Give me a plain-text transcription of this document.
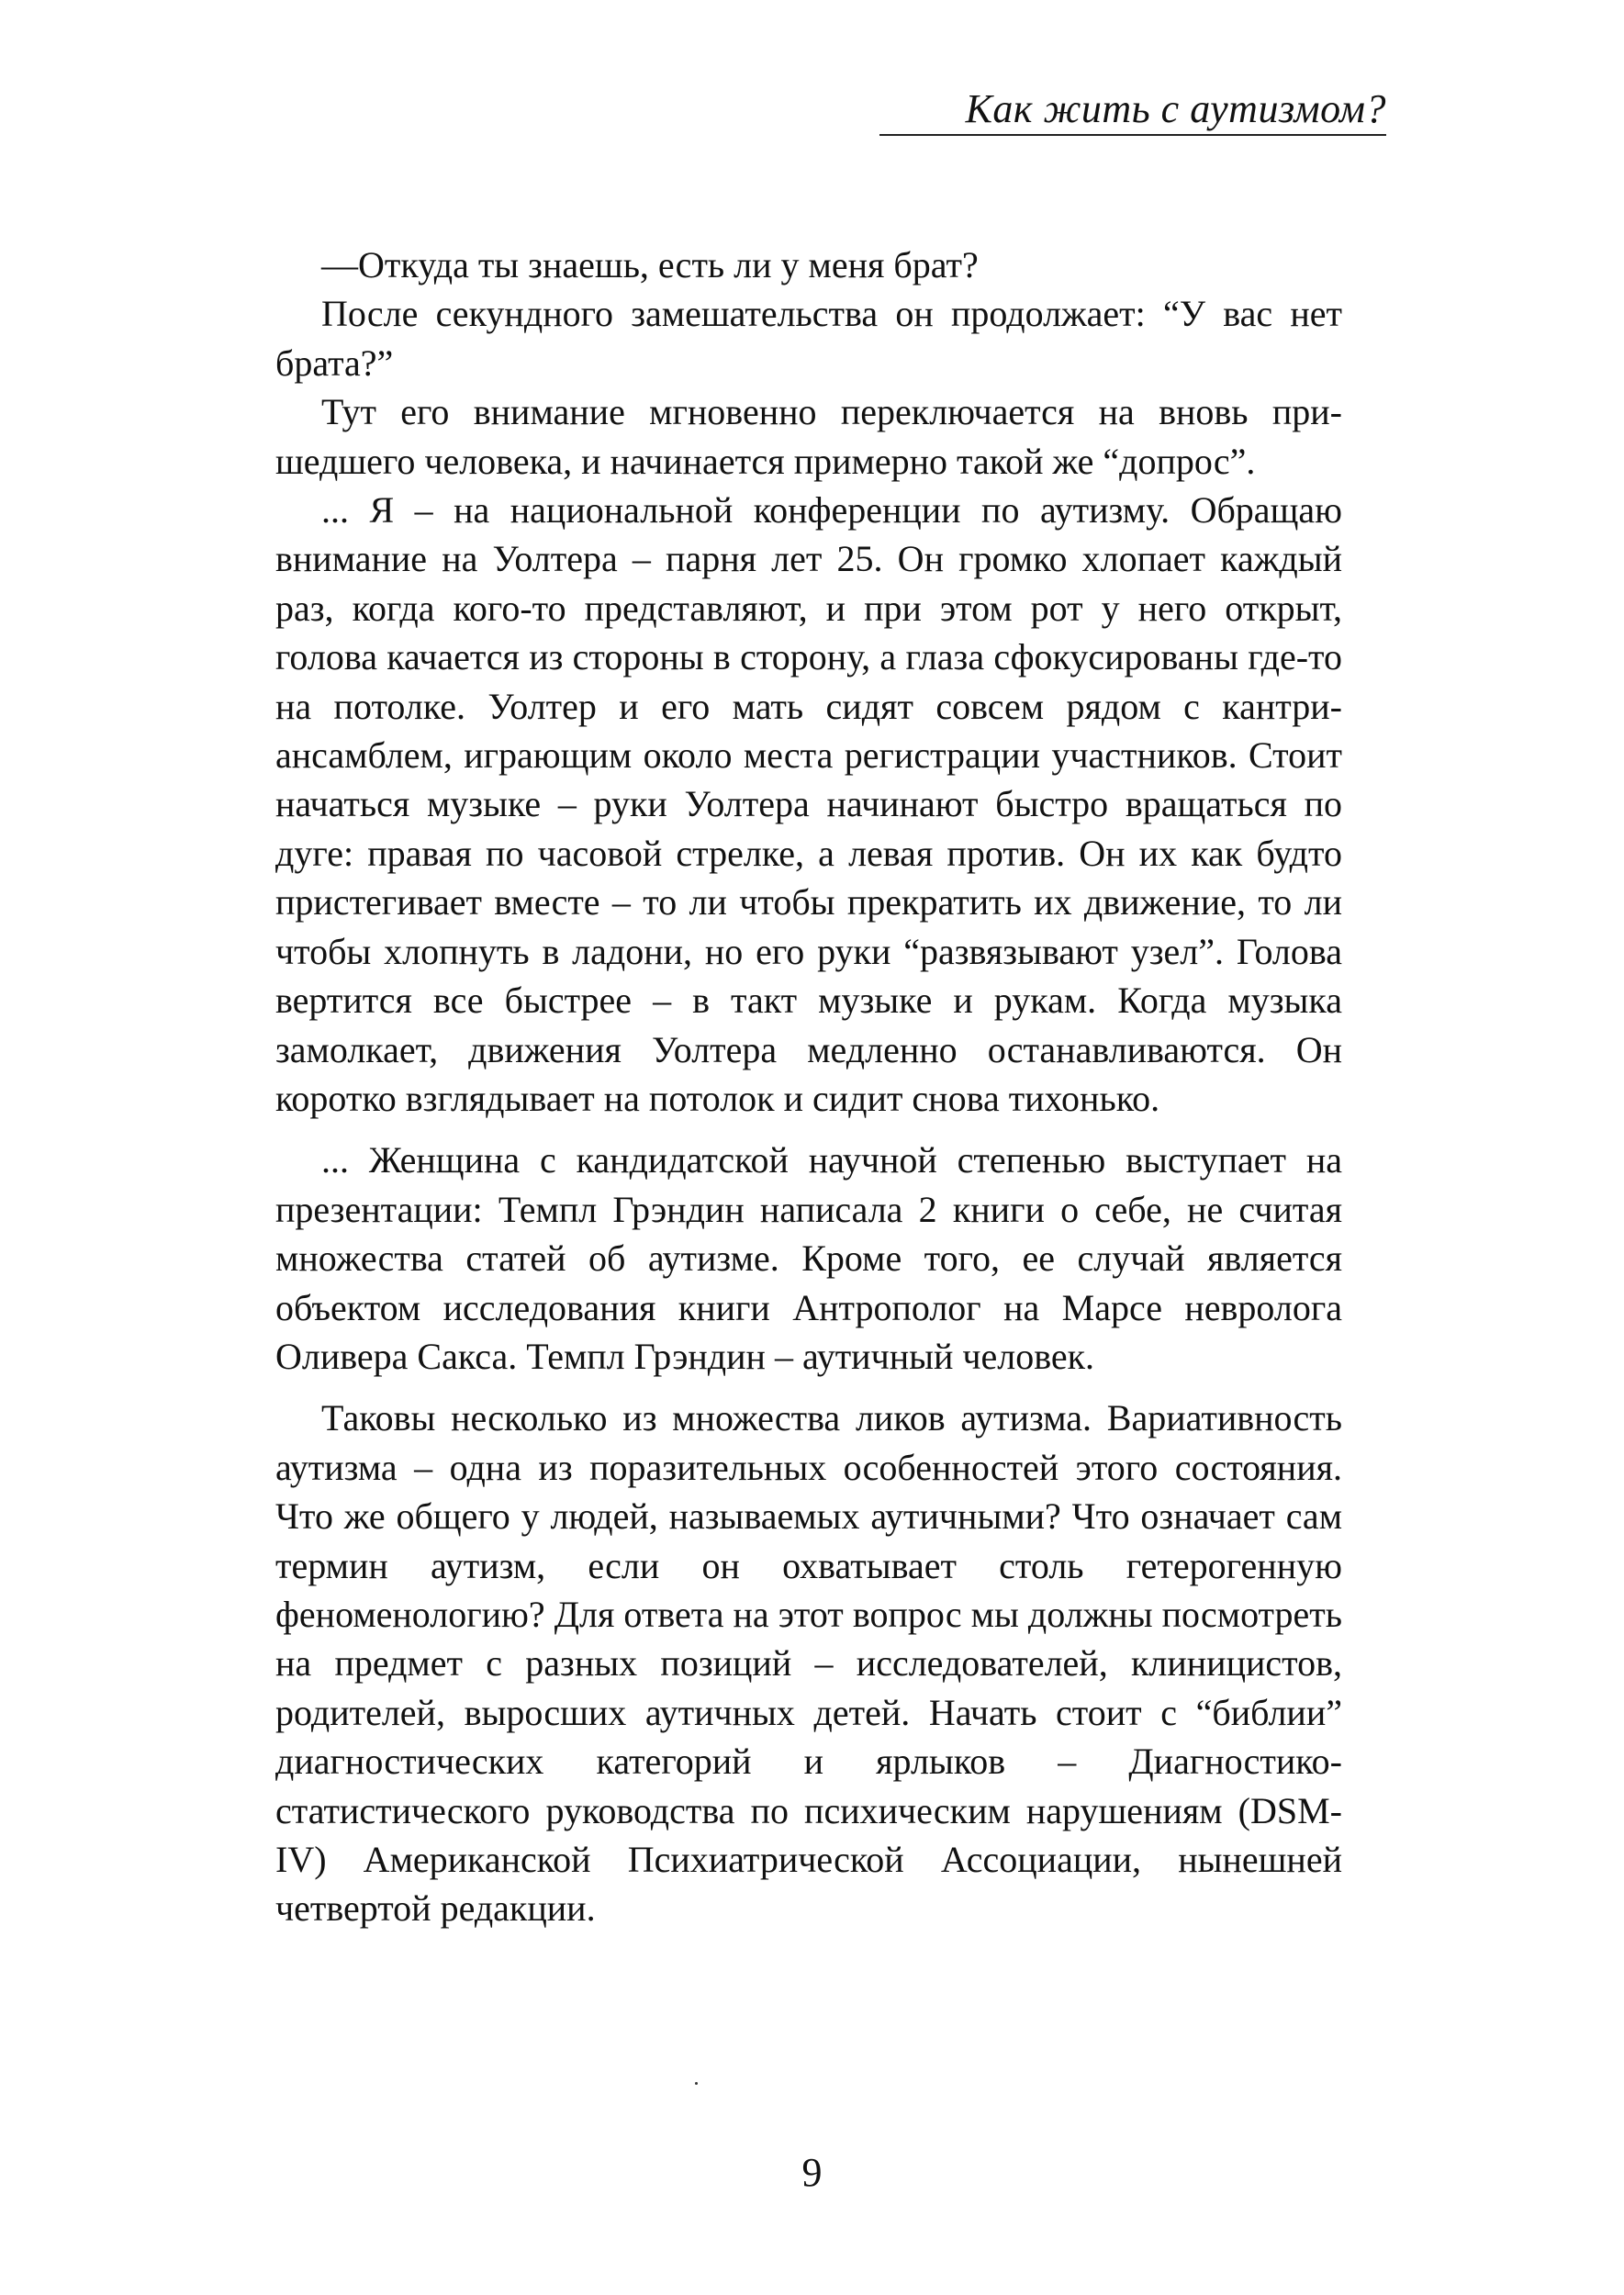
Как жить с аутизмом?

—Откуда ты знаешь, есть ли у меня брат?

После секундного замешательства он продолжает: “У вас нет брата?”

Тут его внимание мгновенно переключается на вновь пришедшего человека, и начинается примерно такой же “допрос”.

... Я – на национальной конференции по аутизму. Обращаю внимание на Уолтера – парня лет 25. Он громко хлопает каждый раз, когда кого-то представляют, и при этом рот у него открыт, голова качается из стороны в сторону, а глаза сфокусированы где-то на потолке. Уолтер и его мать сидят совсем рядом с кантри-ансамблем, играющим около места регистрации участников. Стоит начаться музыке – руки Уолтера начинают быстро вращаться по дуге: правая по часовой стрелке, а левая против. Он их как будто пристегивает вместе – то ли чтобы прекратить их движение, то ли чтобы хлопнуть в ладони, но его руки “развязывают узел”. Голова вертится все быстрее – в такт музыке и рукам. Когда музыка замолкает, движения Уолтера медленно останавливаются. Он коротко взглядывает на потолок и сидит снова тихонько.

... Женщина с кандидатской научной степенью выступает на презентации: Темпл Грэндин написала 2 книги о себе, не считая множества статей об аутизме. Кроме того, ее случай является объектом исследования книги Антрополог на Марсе невролога Оливера Сакса. Темпл Грэндин – аутичный человек.

Таковы несколько из множества ликов аутизма. Вариативность аутизма – одна из поразительных особенностей этого состояния. Что же общего у людей, называемых аутичными? Что означает сам термин аутизм, если он охватывает столь гетерогенную феноменологию? Для ответа на этот вопрос мы должны посмотреть на предмет с разных позиций – исследователей, клиницистов, родителей, выросших аутичных детей. Начать стоит с “библии” диагностических категорий и ярлыков – Диагностико-статистического руководства по психическим нарушениям (DSM-IV) Американской Психиатрической Ассоциации, нынешней четвертой редакции.

9
